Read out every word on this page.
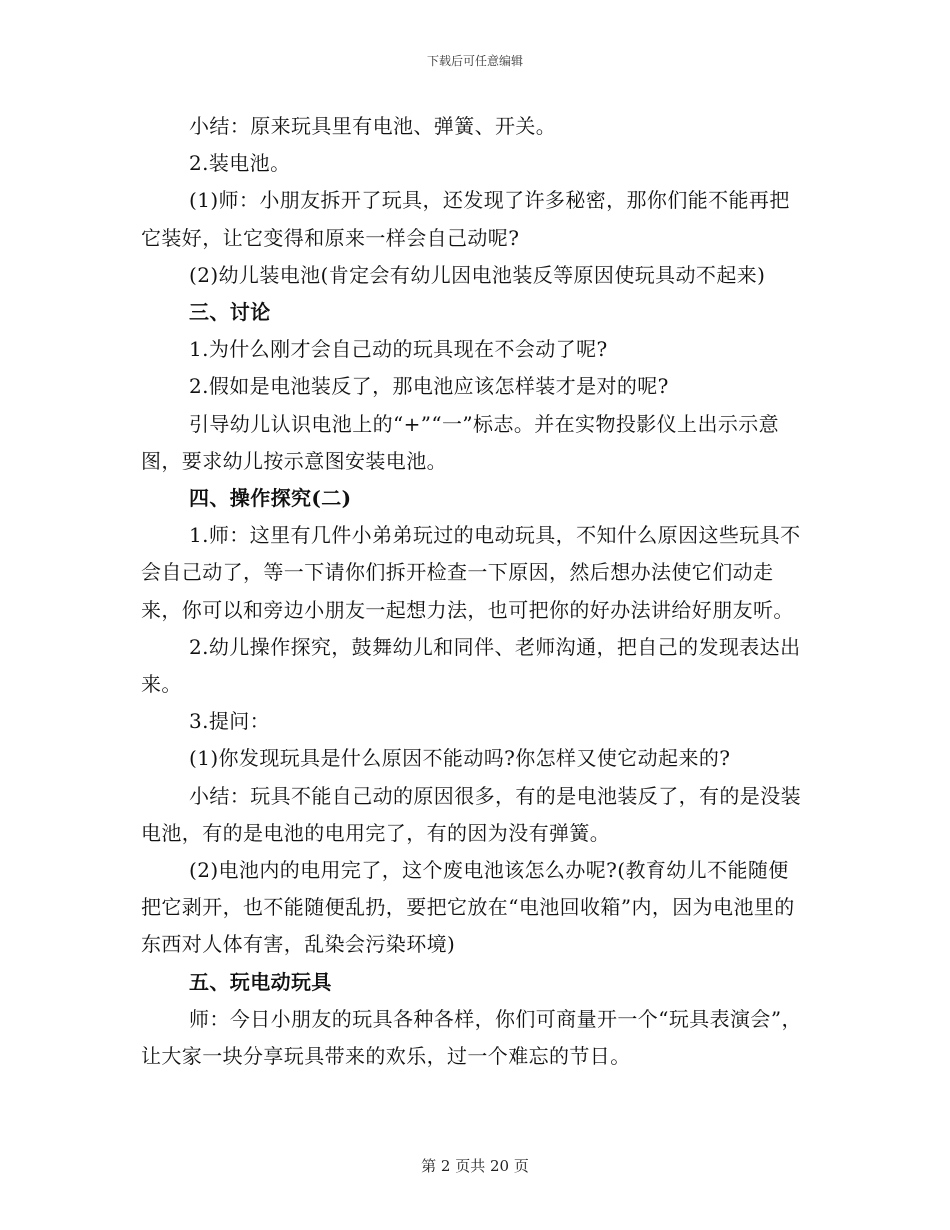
下载后可任意编辑

小结：原来玩具里有电池、弹簧、开关。

2.装电池。

(1)师：小朋友拆开了玩具，还发现了许多秘密，那你们能不能再把它装好，让它变得和原来一样会自己动呢?

(2)幼儿装电池(肯定会有幼儿因电池装反等原因使玩具动不起来)

三、讨论

1.为什么刚才会自己动的玩具现在不会动了呢?

2.假如是电池装反了，那电池应该怎样装才是对的呢?

引导幼儿认识电池上的“+”“一”标志。并在实物投影仪上出示示意图，要求幼儿按示意图安装电池。

四、操作探究(二)

1.师：这里有几件小弟弟玩过的电动玩具，不知什么原因这些玩具不会自己动了，等一下请你们拆开检查一下原因，然后想办法使它们动走来，你可以和旁边小朋友一起想力法，也可把你的好办法讲给好朋友听。

2.幼儿操作探究，鼓舞幼儿和同伴、老师沟通，把自己的发现表达出来。

3.提问：

(1)你发现玩具是什么原因不能动吗?你怎样又使它动起来的?

小结：玩具不能自己动的原因很多，有的是电池装反了，有的是没装电池，有的是电池的电用完了，有的因为没有弹簧。

(2)电池内的电用完了，这个废电池该怎么办呢?(教育幼儿不能随便把它剥开，也不能随便乱扔，要把它放在“电池回收箱”内，因为电池里的东西对人体有害，乱染会污染环境)

五、玩电动玩具

师：今日小朋友的玩具各种各样，你们可商量开一个“玩具表演会”，让大家一块分享玩具带来的欢乐，过一个难忘的节日。

第 2 页共 20 页
